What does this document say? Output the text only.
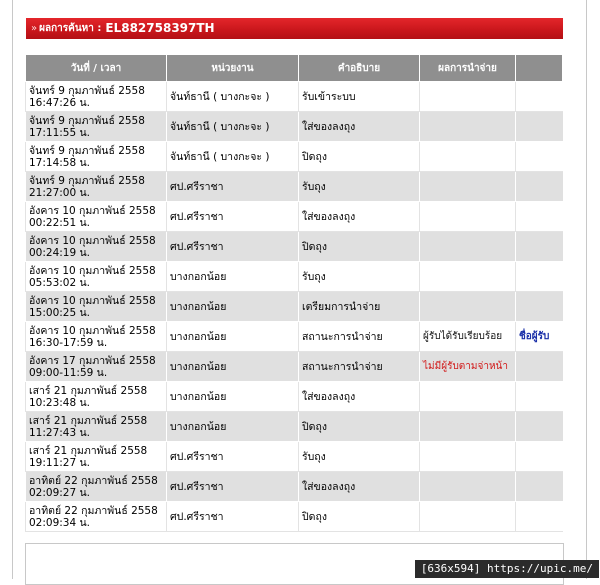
» ผลการค้นหา : EL882758397TH
วันที่ / เวลา	หน่วยงาน	คำอธิบาย	ผลการนำจ่าย	

จันทร์ 9 กุมภาพันธ์ 2558
16:47:26 น.	จันท์ธานี ( บางกะจะ )	รับเข้าระบบ		

จันทร์ 9 กุมภาพันธ์ 2558
17:11:55 น.	จันท์ธานี ( บางกะจะ )	ใส่ของลงถุง		

จันทร์ 9 กุมภาพันธ์ 2558
17:14:58 น.	จันท์ธานี ( บางกะจะ )	ปิดถุง		

จันทร์ 9 กุมภาพันธ์ 2558
21:27:00 น.	ศป.ศรีราชา	รับถุง		

อังคาร 10 กุมภาพันธ์ 2558
00:22:51 น.	ศป.ศรีราชา	ใส่ของลงถุง		

อังคาร 10 กุมภาพันธ์ 2558
00:24:19 น.	ศป.ศรีราชา	ปิดถุง		

อังคาร 10 กุมภาพันธ์ 2558
05:53:02 น.	บางกอกน้อย	รับถุง		

อังคาร 10 กุมภาพันธ์ 2558
15:00:25 น.	บางกอกน้อย	เตรียมการนำจ่าย		

อังคาร 10 กุมภาพันธ์ 2558
16:30-17:59 น.	บางกอกน้อย	สถานะการนำจ่าย	ผู้รับได้รับเรียบร้อย	ชื่อผู้รับ

อังคาร 17 กุมภาพันธ์ 2558
09:00-11:59 น.	บางกอกน้อย	สถานะการนำจ่าย	ไม่มีผู้รับตามจ่าหน้า	

เสาร์ 21 กุมภาพันธ์ 2558
10:23:48 น.	บางกอกน้อย	ใส่ของลงถุง		

เสาร์ 21 กุมภาพันธ์ 2558
11:27:43 น.	บางกอกน้อย	ปิดถุง		

เสาร์ 21 กุมภาพันธ์ 2558
19:11:27 น.	ศป.ศรีราชา	รับถุง		

อาทิตย์ 22 กุมภาพันธ์ 2558
02:09:27 น.	ศป.ศรีราชา	ใส่ของลงถุง		

อาทิตย์ 22 กุมภาพันธ์ 2558
02:09:34 น.	ศป.ศรีราชา	ปิดถุง		
[636x594] https://upic.me/
